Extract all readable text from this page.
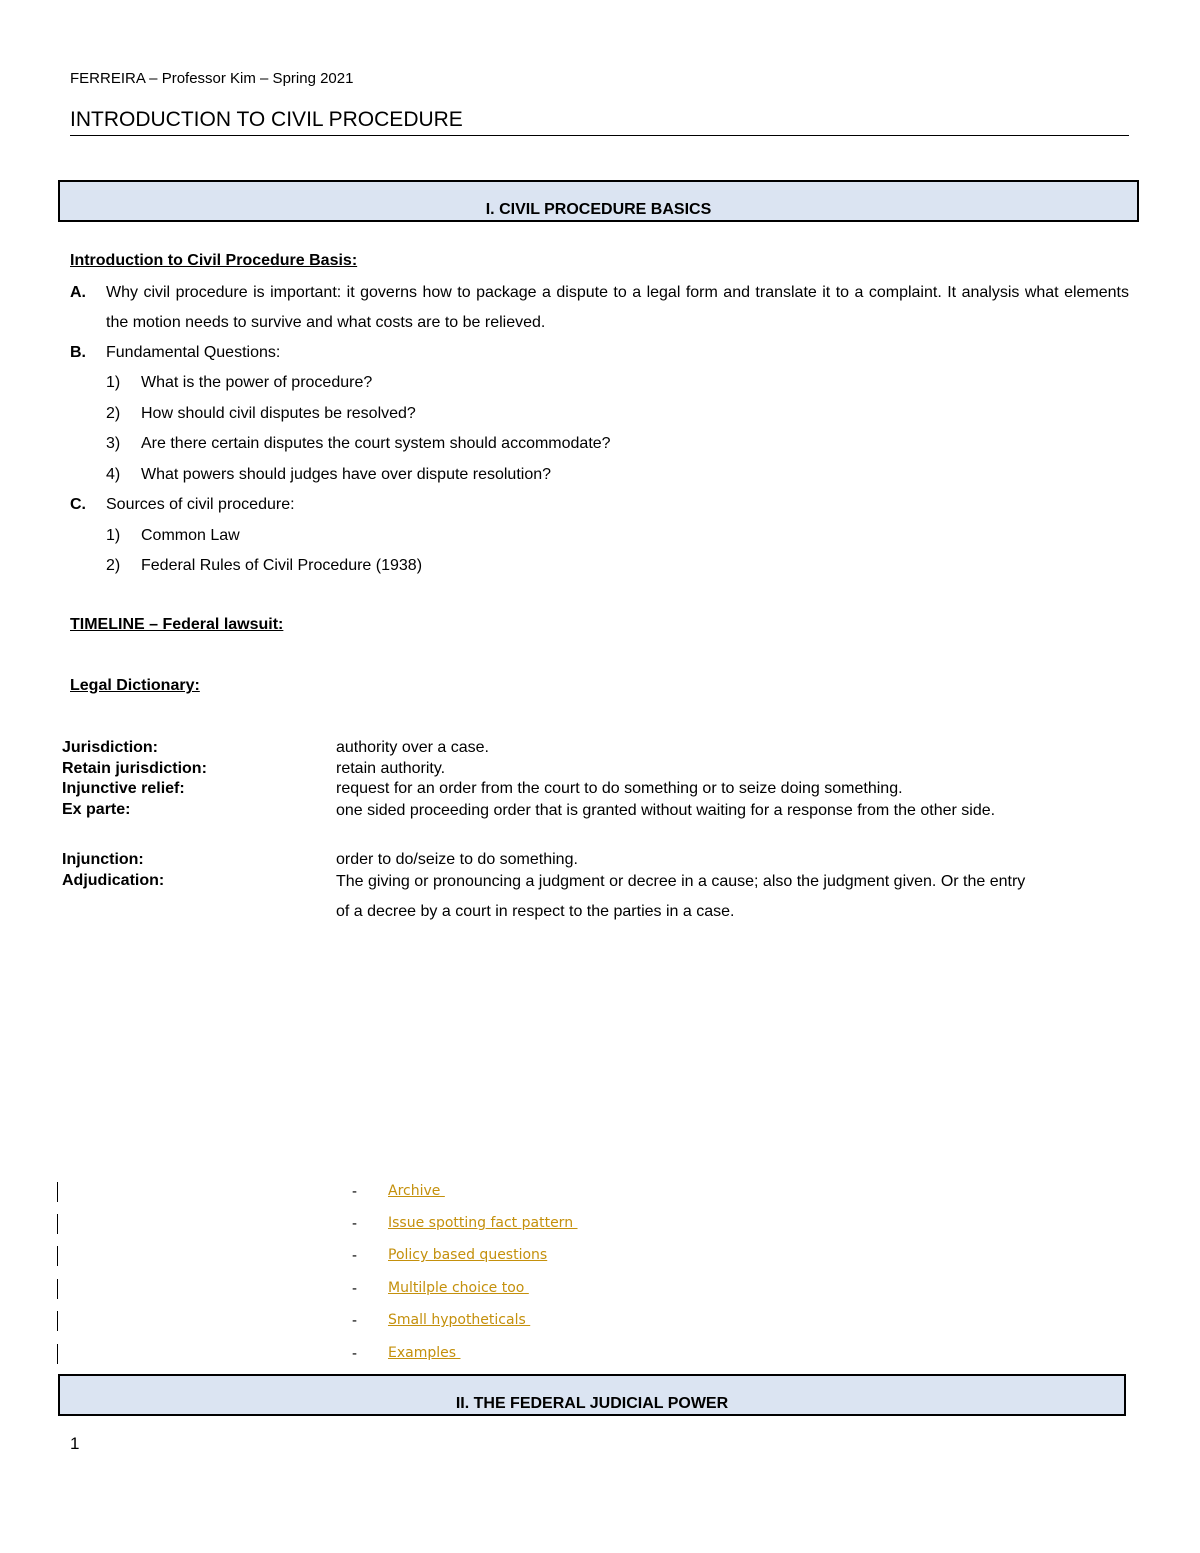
FERREIRA – Professor Kim – Spring 2021
INTRODUCTION TO CIVIL PROCEDURE
I. CIVIL PROCEDURE BASICS
Introduction to Civil Procedure Basis:
A. Why civil procedure is important: it governs how to package a dispute to a legal form and translate it to a complaint. It analysis what elements the motion needs to survive and what costs are to be relieved.
B. Fundamental Questions:
1) What is the power of procedure?
2) How should civil disputes be resolved?
3) Are there certain disputes the court system should accommodate?
4) What powers should judges have over dispute resolution?
C. Sources of civil procedure:
1) Common Law
2) Federal Rules of Civil Procedure (1938)
TIMELINE – Federal lawsuit:
Legal Dictionary:
Jurisdiction:	authority over a case.
Retain jurisdiction:	retain authority.
Injunctive relief:	request for an order from the court to do something or to seize doing something.
Ex parte:	one sided proceeding order that is granted without waiting for a response from the other side.
Injunction:	order to do/seize to do something.
Adjudication:	The giving or pronouncing a judgment or decree in a cause; also the judgment given. Or the entry of a decree by a court in respect to the parties in a case.
- Archive
- Issue spotting fact pattern
- Policy based questions
- Multilple choice too
- Small hypotheticals
- Examples
II. THE FEDERAL JUDICIAL POWER
1
